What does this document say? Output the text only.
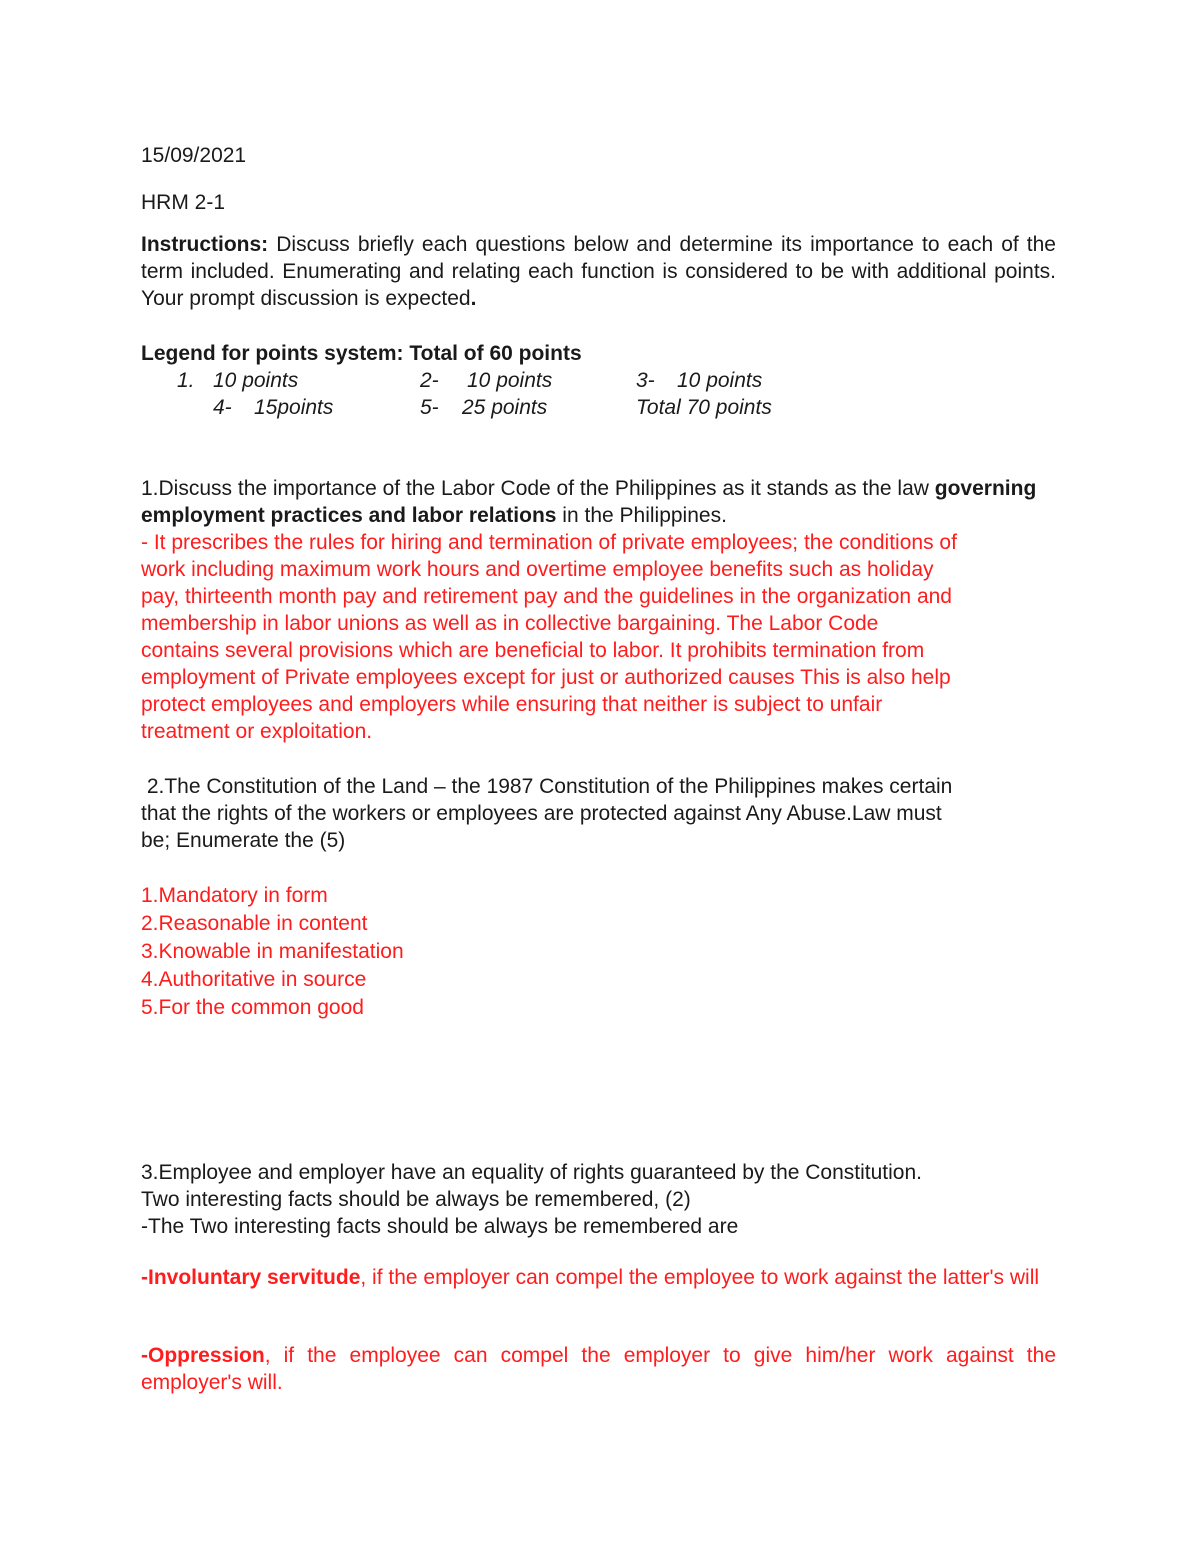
15/09/2021
HRM 2-1
Instructions: Discuss briefly each questions below and determine its importance to each of the term included. Enumerating and relating each function is considered to be with additional points. Your prompt discussion is expected.
Legend for points system: Total of 60 points
1. 10 points	2- 10 points	3- 10 points
4- 15points	5- 25 points	Total 70 points
1.Discuss the importance of the Labor Code of the Philippines as it stands as the law governing employment practices and labor relations in the Philippines.
- It prescribes the rules for hiring and termination of private employees; the conditions of
work including maximum work hours and overtime employee benefits such as holiday
pay, thirteenth month pay and retirement pay and the guidelines in the organization and
membership in labor unions as well as in collective bargaining. The Labor Code
contains several provisions which are beneficial to labor. It prohibits termination from
employment of Private employees except for just or authorized causes This is also help
protect employees and employers while ensuring that neither is subject to unfair
treatment or exploitation.
2.The Constitution of the Land – the 1987 Constitution of the Philippines makes certain
that the rights of the workers or employees are protected against Any Abuse.Law must
be; Enumerate the (5)
1.Mandatory in form
2.Reasonable in content
3.Knowable in manifestation
4.Authoritative in source
5.For the common good
3.Employee and employer have an equality of rights guaranteed by the Constitution.
Two interesting facts should be always be remembered, (2)
-The Two interesting facts should be always be remembered are
-Involuntary servitude, if the employer can compel the employee to work against the latter's will
-Oppression, if the employee can compel the employer to give him/her work against the employer's will.
